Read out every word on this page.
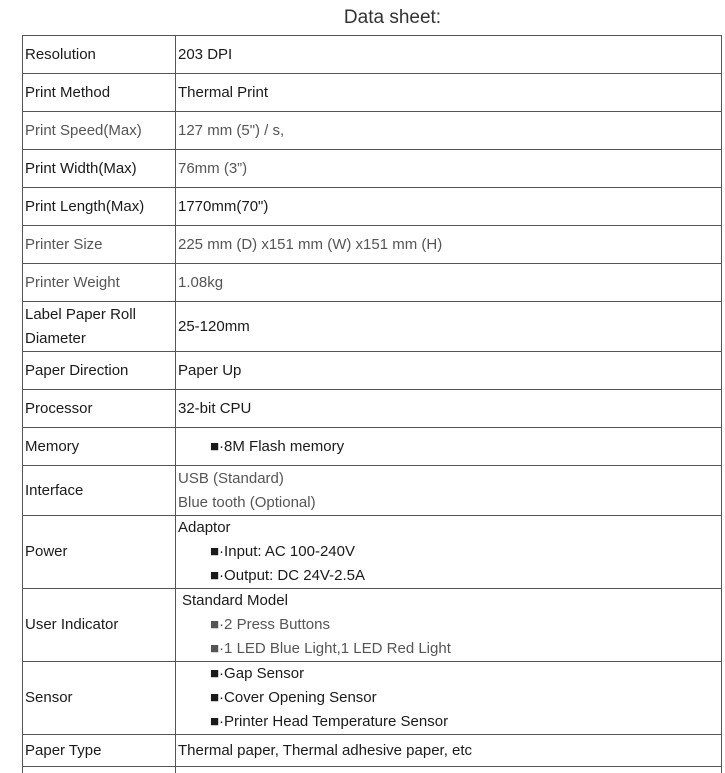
Data sheet:
Resolution	203 DPI
Print Method	Thermal Print
Print Speed(Max)	127 mm (5") / s,
Print Width(Max)	76mm (3”)
Print Length(Max)	1770mm(70")
Printer Size	225 mm (D) x151 mm (W) x151 mm (H)
Printer Weight	1.08kg

Label Paper Roll
Diameter	25-120mm
Paper Direction	Paper Up
Processor	32-bit CPU
Memory	■·8M Flash memory

Interface	USB (Standard)
Blue tooth (Optional)

Power	Adaptor
■·Input: AC 100-240V
■·Output: DC 24V-2.5A

User Indicator	Standard Model
■·2 Press Buttons
■·1 LED Blue Light,1 LED Red Light

Sensor	■·Gap Sensor
■·Cover Opening Sensor
■·Printer Head Temperature Sensor

Paper Type	Thermal paper, Thermal adhesive paper, etc
